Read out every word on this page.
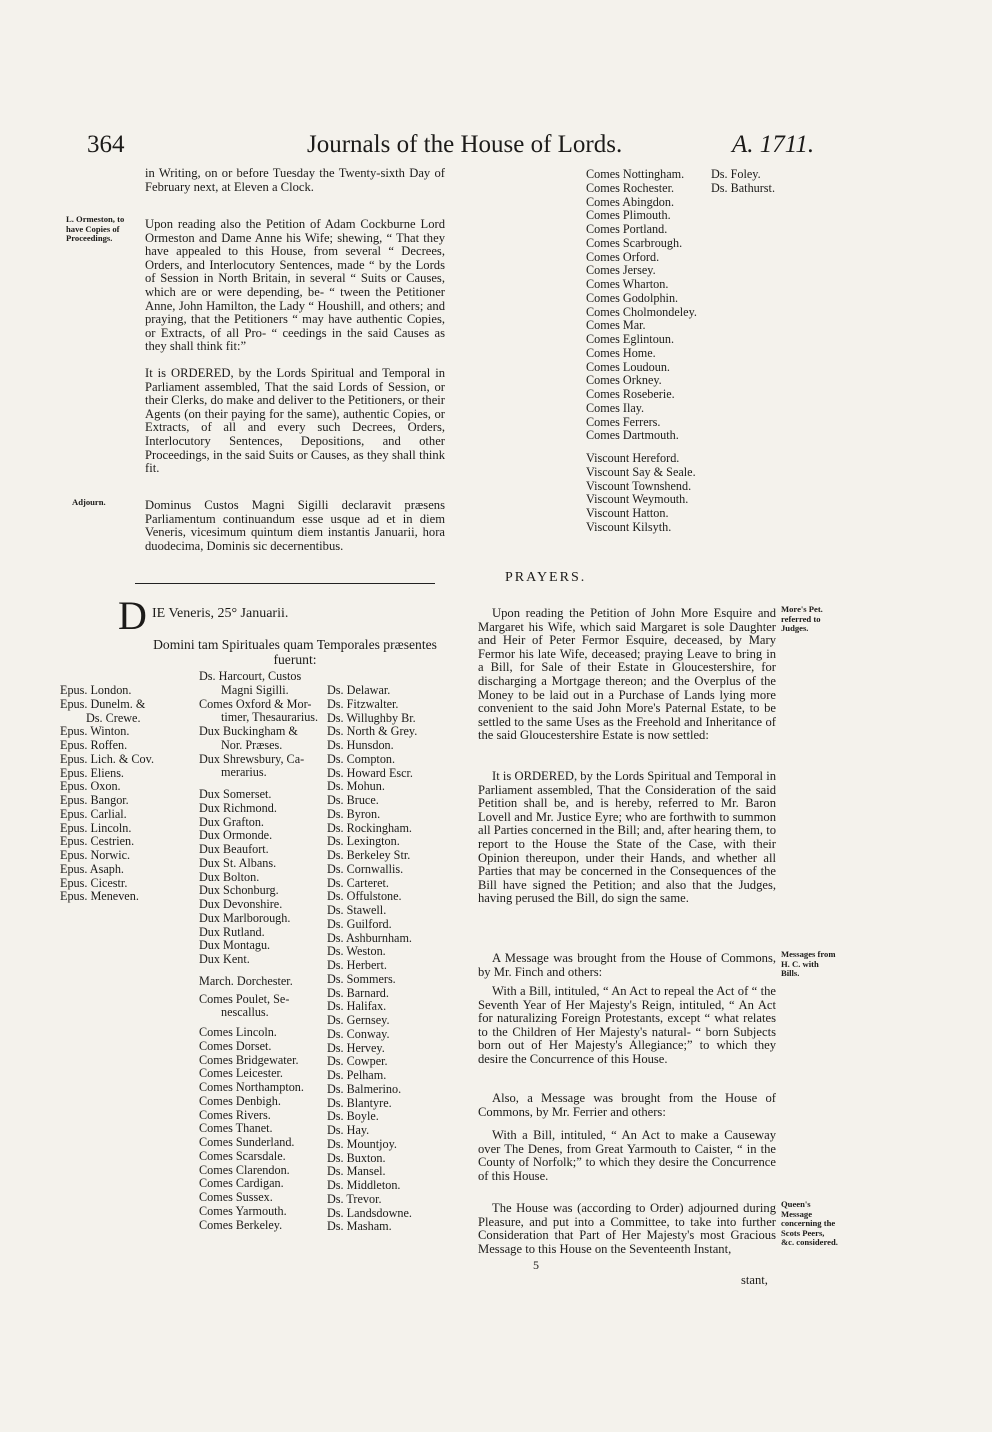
364	Journals of the House of Lords.	A. 1711.

in Writing, on or before Tuesday the Twenty-sixth Day of February next, at Eleven a Clock.

L. Ormeston, to have Copies of Proceedings.

Upon reading also the Petition of Adam Cockburne Lord Ormeston and Dame Anne his Wife; shewing, “ That they have appealed to this House, from several “ Decrees, Orders, and Interlocutory Sentences, made “ by the Lords of Session in North Britain, in several “ Suits or Causes, which are or were depending, be- “ tween the Petitioner Anne, John Hamilton, the Lady “ Houshill, and others; and praying, that the Petitioners “ may have authentic Copies, or Extracts, of all Pro- “ ceedings in the said Causes as they shall think fit:”

It is ORDERED, by the Lords Spiritual and Temporal in Parliament assembled, That the said Lords of Session, or their Clerks, do make and deliver to the Petitioners, or their Agents (on their paying for the same), authentic Copies, or Extracts, of all and every such Decrees, Orders, Interlocutory Sentences, Depositions, and other Proceedings, in the said Suits or Causes, as they shall think fit.

Adjourn.	Dominus Custos Magni Sigilli declaravit præsens Parliamentum continuandum esse usque ad et in diem Veneris, vicesimum quintum diem instantis Januarii, hora duodecima, Dominis sic decernentibus.

D IE Veneris, 25° Januarii.
Domini tam Spirituales quam Temporales præsentes fuerunt:
Epus. London.
Epus. Dunelm. &
Ds. Crewe.
Epus. Winton.
Epus. Roffen.
Epus. Lich. & Cov.
Epus. Eliens.
Epus. Oxon.
Epus. Bangor.
Epus. Carlial.
Epus. Lincoln.
Epus. Cestrien.
Epus. Norwic.
Epus. Asaph.
Epus. Cicestr.
Epus. Meneven.
Ds. Harcourt, Custos
Magni Sigilli.
Comes Oxford & Mor-
timer, Thesaurarius.
Dux Buckingham &
Nor. Præses.
Dux Shrewsbury, Ca-
merarius.
Dux Somerset.
Dux Richmond.
Dux Grafton.
Dux Ormonde.
Dux Beaufort.
Dux St. Albans.
Dux Bolton.
Dux Schonburg.
Dux Devonshire.
Dux Marlborough.
Dux Rutland.
Dux Montagu.
Dux Kent.
March. Dorchester.
Comes Poulet, Se-
nescallus.
Comes Lincoln.
Comes Dorset.
Comes Bridgewater.
Comes Leicester.
Comes Northampton.
Comes Denbigh.
Comes Rivers.
Comes Thanet.
Comes Sunderland.
Comes Scarsdale.
Comes Clarendon.
Comes Cardigan.
Comes Sussex.
Comes Yarmouth.
Comes Berkeley.
Ds. Delawar.
Ds. Fitzwalter.
Ds. Willughby Br.
Ds. North & Grey.
Ds. Hunsdon.
Ds. Compton.
Ds. Howard Escr.
Ds. Mohun.
Ds. Bruce.
Ds. Byron.
Ds. Rockingham.
Ds. Lexington.
Ds. Berkeley Str.
Ds. Cornwallis.
Ds. Carteret.
Ds. Offulstone.
Ds. Stawell.
Ds. Guilford.
Ds. Ashburnham.
Ds. Weston.
Ds. Herbert.
Ds. Sommers.
Ds. Barnard.
Ds. Halifax.
Ds. Gernsey.
Ds. Conway.
Ds. Hervey.
Ds. Cowper.
Ds. Pelham.
Ds. Balmerino.
Ds. Blantyre.
Ds. Boyle.
Ds. Hay.
Ds. Mountjoy.
Ds. Buxton.
Ds. Mansel.
Ds. Middleton.
Ds. Trevor.
Ds. Landsdowne.
Ds. Masham.
Comes Nottingham.
Comes Rochester.
Comes Abingdon.
Comes Plimouth.
Comes Portland.
Comes Scarbrough.
Comes Orford.
Comes Jersey.
Comes Wharton.
Comes Godolphin.
Comes Cholmondeley.
Comes Mar.
Comes Eglintoun.
Comes Home.
Comes Loudoun.
Comes Orkney.
Comes Roseberie.
Comes Ilay.
Comes Ferrers.
Comes Dartmouth.
Viscount Hereford.
Viscount Say & Seale.
Viscount Townshend.
Viscount Weymouth.
Viscount Hatton.
Viscount Kilsyth.
Ds. Foley.
Ds. Bathurst.
PRAYERS.
More's Pet. referred to Judges.

Upon reading the Petition of John More Esquire and Margaret his Wife, which said Margaret is sole Daughter and Heir of Peter Fermor Esquire, deceased, by Mary Fermor his late Wife, deceased; praying Leave to bring in a Bill, for Sale of their Estate in Gloucestershire, for discharging a Mortgage thereon; and the Overplus of the Money to be laid out in a Purchase of Lands lying more convenient to the said John More's Paternal Estate, to be settled to the same Uses as the Freehold and Inheritance of the said Gloucestershire Estate is now settled:

It is ORDERED, by the Lords Spiritual and Temporal in Parliament assembled, That the Consideration of the said Petition shall be, and is hereby, referred to Mr. Baron Lovell and Mr. Justice Eyre; who are forthwith to summon all Parties concerned in the Bill; and, after hearing them, to report to the House the State of the Case, with their Opinion thereupon, under their Hands, and whether all Parties that may be concerned in the Consequences of the Bill have signed the Petition; and also that the Judges, having perused the Bill, do sign the same.

Messages from H. C. with Bills.

A Message was brought from the House of Commons, by Mr. Finch and others:

With a Bill, intituled, “ An Act to repeal the Act of “ the Seventh Year of Her Majesty's Reign, intituled, “ An Act for naturalizing Foreign Protestants, except “ what relates to the Children of Her Majesty's natural- “ born Subjects born out of Her Majesty's Allegiance;” to which they desire the Concurrence of this House.

Also, a Message was brought from the House of Commons, by Mr. Ferrier and others:

With a Bill, intituled, “ An Act to make a Causeway over The Denes, from Great Yarmouth to Caister, “ in the County of Norfolk;” to which they desire the Concurrence of this House.

Queen's Message concerning the Scots Peers, &c. considered.

The House was (according to Order) adjourned during Pleasure, and put into a Committee, to take into further Consideration that Part of Her Majesty's most Gracious Message to this House on the Seventeenth Instant,

5
stant,
